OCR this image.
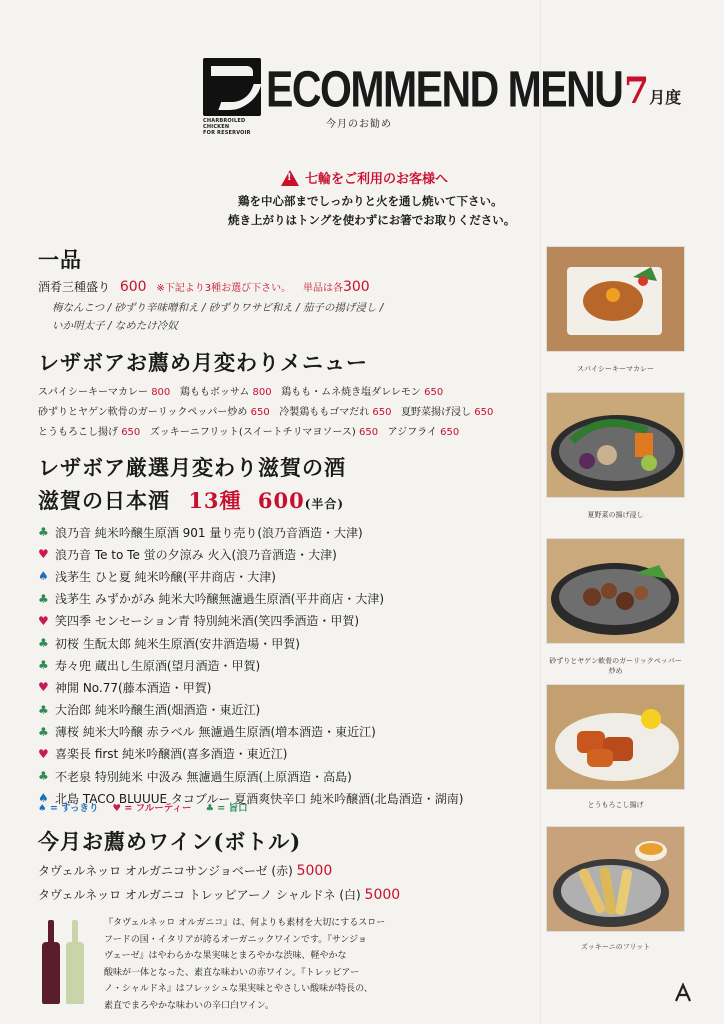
CHARBROILED CHICKEN
FOR RESERVOIR
ECOMMEND MENU
今月のお勧め
7月度
!
七輪をご利用のお客様へ
鶏を中心部までしっかりと火を通し焼いて下さい。
焼き上がりはトングを使わずにお箸でお取りください。
一品
酒肴三種盛り 600 ※下記より3種お選び下さい。 単品は各300
梅なんこつ / 砂ずり辛味噌和え / 砂ずりワサビ和え / 茄子の揚げ浸し /
いか明太子 / なめたけ冷奴
レザボアお薦め月変わりメニュー
スパイシーキーマカレー 800 鶏ももボッサム 800 鶏もも・ムネ焼き塩ダレレモン 650
砂ずりとヤゲン軟骨のガーリックペッパー炒め 650 冷製鶏ももゴマだれ 650 夏野菜揚げ浸し 650
とうもろこし揚げ 650 ズッキーニフリット(スイートチリマヨソース) 650 アジフライ 650
レザボア厳選月変わり滋賀の酒
滋賀の日本酒 13種 600(半合)
♣ 浪乃音 純米吟醸生原酒 901 量り売り(浪乃音酒造・大津)
♥ 浪乃音 Te to Te 蛍の夕涼み 火入(浪乃音酒造・大津)
♠ 浅茅生 ひと夏 純米吟醸(平井商店・大津)
♣ 浅茅生 みずかがみ 純米大吟醸無濾過生原酒(平井商店・大津)
♥ 笑四季 センセーション青 特別純米酒(笑四季酒造・甲賀)
♣ 初桜 生酛太郎 純米生原酒(安井酒造場・甲賀)
♣ 寿々兜 蔵出し生原酒(望月酒造・甲賀)
♥ 神開 No.77(藤本酒造・甲賀)
♣ 大治郎 純米吟醸生酒(畑酒造・東近江)
♣ 薄桜 純米大吟醸 赤ラベル 無濾過生原酒(増本酒造・東近江)
♥ 喜楽長 first 純米吟醸酒(喜多酒造・東近江)
♣ 不老泉 特別純米 中汲み 無濾過生原酒(上原酒造・高島)
♠ 北島 TACO BLUUUE タコブルー 夏酒爽快辛口 純米吟醸酒(北島酒造・湖南)
♠ = すっきり ♥ = フルーティー ♣ = 旨口
今月お薦めワイン(ボトル)
タヴェルネッロ オルガニコサンジョベーゼ (赤) 5000
タヴェルネッロ オルガニコ トレッビアーノ シャルドネ (白) 5000
『タヴェルネッロ オルガニコ』は、何よりも素材を大切にするスロー
フードの国・イタリアが誇るオーガニックワインです。『サンジョ
ヴェーゼ』はやわらかな果実味とまろやかな渋味、軽やかな
酸味が一体となった、素直な味わいの赤ワイン。『トレッビアー
ノ・シャルドネ』はフレッシュな果実味とやさしい酸味が特長の、
素直でまろやかな味わいの辛口白ワイン。
スパイシーキーマカレー
夏野菜の揚げ浸し
砂ずりとヤゲン軟骨のガーリックペッパー炒め
とうもろこし揚げ
ズッキーニのフリット
